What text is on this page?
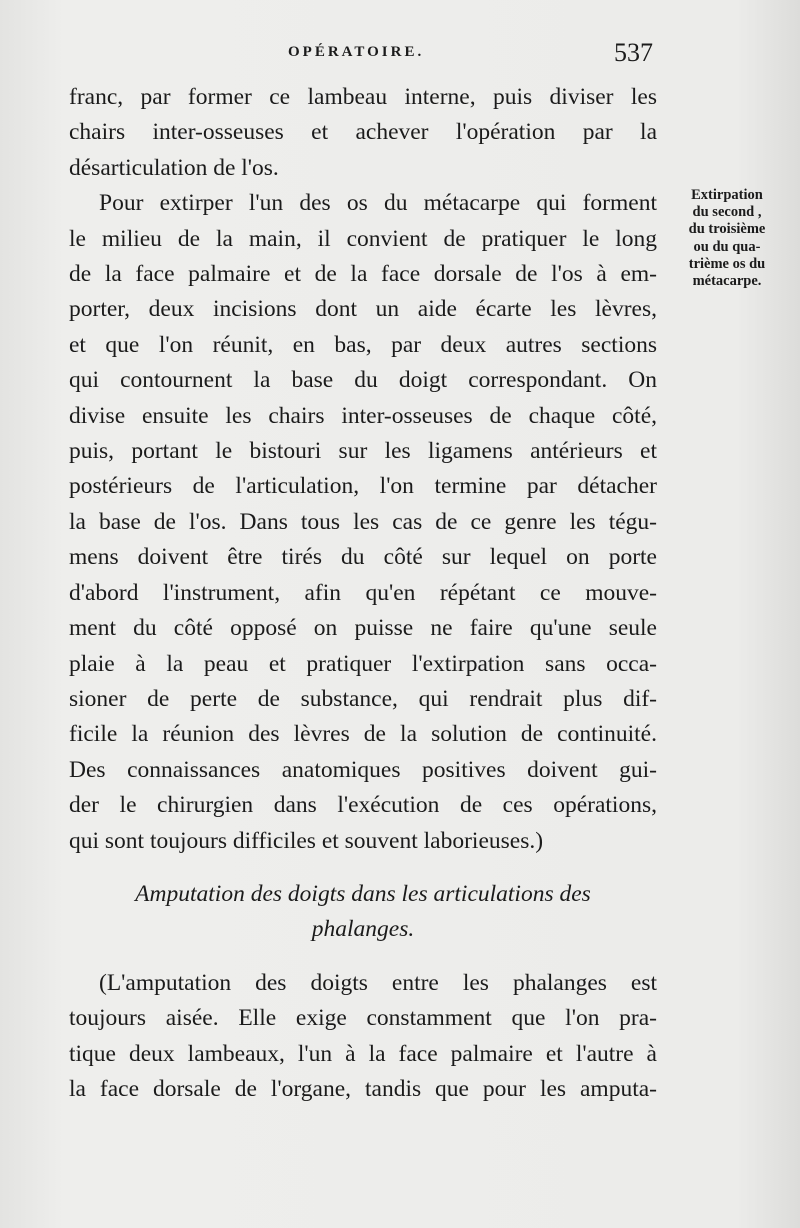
OPÉRATOIRE.	537
Extirpation
du second ,
du troisième
ou du qua-
trième os du
métacarpe.
franc, par former ce lambeau interne, puis diviser les
chairs inter-osseuses et achever l'opération par la
désarticulation de l'os.
Pour extirper l'un des os du métacarpe qui forment
le milieu de la main, il convient de pratiquer le long
de la face palmaire et de la face dorsale de l'os à em-
porter, deux incisions dont un aide écarte les lèvres,
et que l'on réunit, en bas, par deux autres sections
qui contournent la base du doigt correspondant. On
divise ensuite les chairs inter-osseuses de chaque côté,
puis, portant le bistouri sur les ligamens antérieurs et
postérieurs de l'articulation, l'on termine par détacher
la base de l'os. Dans tous les cas de ce genre les tégu-
mens doivent être tirés du côté sur lequel on porte
d'abord l'instrument, afin qu'en répétant ce mouve-
ment du côté opposé on puisse ne faire qu'une seule
plaie à la peau et pratiquer l'extirpation sans occa-
sioner de perte de substance, qui rendrait plus dif-
ficile la réunion des lèvres de la solution de continuité.
Des connaissances anatomiques positives doivent gui-
der le chirurgien dans l'exécution de ces opérations,
qui sont toujours difficiles et souvent laborieuses.)
Amputation des doigts dans les articulations des
phalanges.
(L'amputation des doigts entre les phalanges est
toujours aisée. Elle exige constamment que l'on pra-
tique deux lambeaux, l'un à la face palmaire et l'autre à
la face dorsale de l'organe, tandis que pour les amputa-
